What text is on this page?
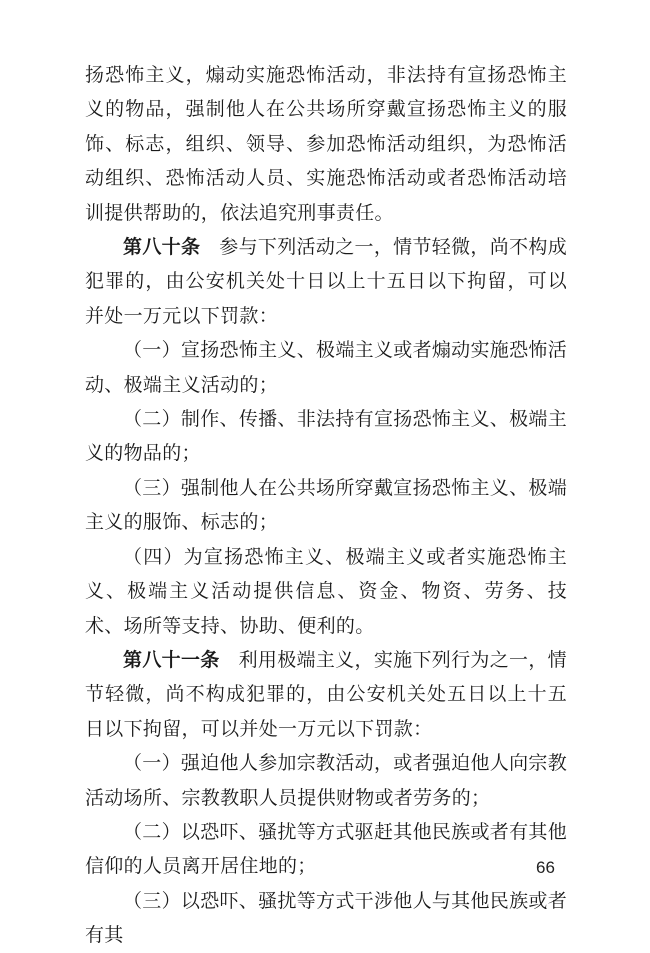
扬恐怖主义，煽动实施恐怖活动，非法持有宣扬恐怖主义的物品，强制他人在公共场所穿戴宣扬恐怖主义的服饰、标志，组织、领导、参加恐怖活动组织，为恐怖活动组织、恐怖活动人员、实施恐怖活动或者恐怖活动培训提供帮助的，依法追究刑事责任。

第八十条 参与下列活动之一，情节轻微，尚不构成犯罪的，由公安机关处十日以上十五日以下拘留，可以并处一万元以下罚款：

（一）宣扬恐怖主义、极端主义或者煽动实施恐怖活动、极端主义活动的；

（二）制作、传播、非法持有宣扬恐怖主义、极端主义的物品的；

（三）强制他人在公共场所穿戴宣扬恐怖主义、极端主义的服饰、标志的；

（四）为宣扬恐怖主义、极端主义或者实施恐怖主义、极端主义活动提供信息、资金、物资、劳务、技术、场所等支持、协助、便利的。

第八十一条 利用极端主义，实施下列行为之一，情节轻微，尚不构成犯罪的，由公安机关处五日以上十五日以下拘留，可以并处一万元以下罚款：

（一）强迫他人参加宗教活动，或者强迫他人向宗教活动场所、宗教教职人员提供财物或者劳务的；

（二）以恐吓、骚扰等方式驱赶其他民族或者有其他信仰的人员离开居住地的；

（三）以恐吓、骚扰等方式干涉他人与其他民族或者有其

66
